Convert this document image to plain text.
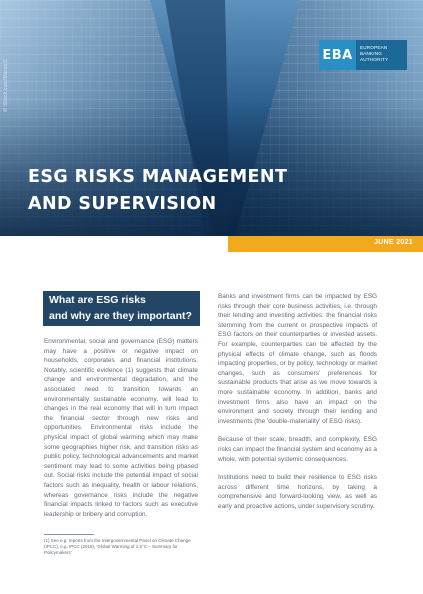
© iStock.com/MarcelC
EBA	EUROPEAN
BANKING
AUTHORITY
ESG RISKS MANAGEMENT
AND SUPERVISION
JUNE 2021
What are ESG risks
and why are they important?

Environmental, social and governance (ESG) matters may have a positive or negative impact on households, corporates and financial institutions. Notably, scientific evidence (1) suggests that climate change and environmental degradation, and the associated need to transition towards an environmentally sustainable economy, will lead to changes in the real economy that will in turn impact the financial sector through new risks and opportunities. Environmental risks include the physical impact of global warming which may make some geographies higher risk, and transition risks as public policy, technological advancements and market sentiment may lead to some activities being phased out. Social risks include the potential impact of social factors such as inequality, health or labour relations, whereas governance risks include the negative financial impacts linked to factors such as executive leadership or bribery and corruption.

Banks and investment firms can be impacted by ESG risks through their core business activities, i.e. through their lending and investing activities: the financial risks stemming from the current or prospective impacts of ESG factors on their counterparties or invested assets. For example, counterparties can be affected by the physical effects of climate change, such as floods impacting properties, or by policy, technology or market changes, such as consumers' preferences for sustainable products that arise as we move towards a more sustainable economy. In addition, banks and investment firms also have an impact on the environment and society through their lending and investments (the 'double-materiality' of ESG risks).

Because of their scale, breadth, and complexity, ESG risks can impact the financial system and economy as a whole, with potential systemic consequences.

Institutions need to build their resilience to ESG risks across different time horizons, by taking a comprehensive and forward-looking view, as well as early and proactive actions, under supervisory scrutiny.

(1) See e.g. reports from the Intergovernmental Panel on Climate Change (IPCC), e.g. IPCC (2018), 'Global Warming of 1.5°C – Summary for Policymakers'
